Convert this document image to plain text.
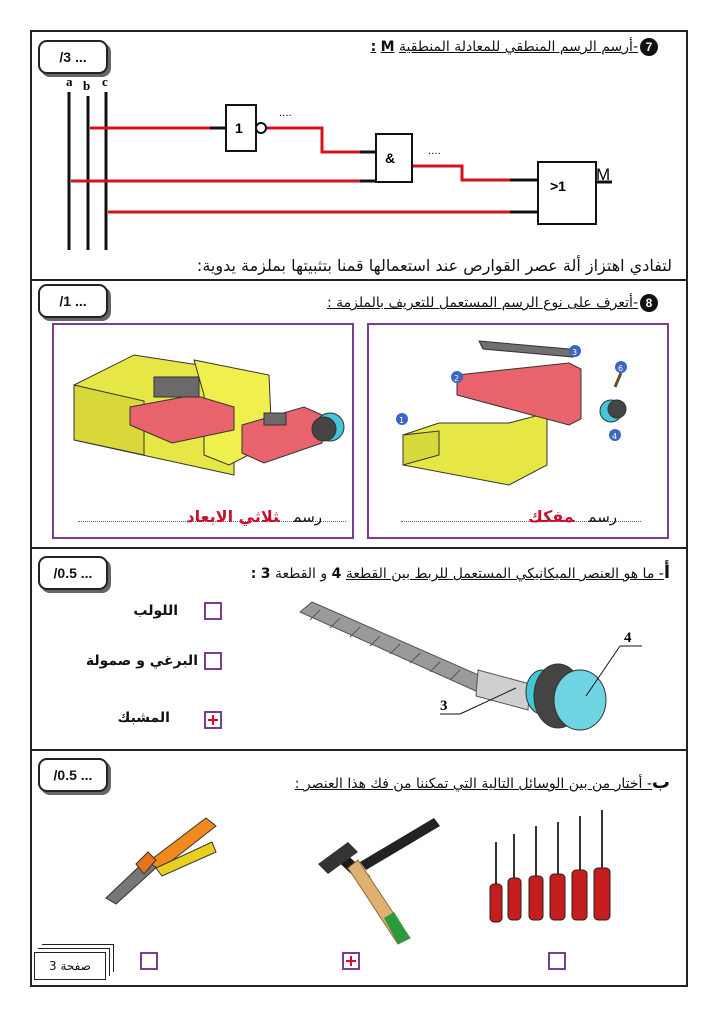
/3 ...
7-أرسم الرسم المنطقي للمعادلة المنطقية M :
a b c
1
&
>1
M
....
....
لتفادي اهتزاز ألة عصر القوارص عند استعمالها قمنا بتثبيتها بملزمة يدوية:
/1 ...	8-أتعرف على نوع الرسم المستعمل للتعريف بالملزمة :
رسمثلاثي الابعاد
1
2
3
4
6
رسممفكك
/0.5 ...	أ- ما هو العنصر الميكانيكي المستعمل للربط بين القطعة 4 و القطعة 3 :
اللولب
البرغي و صمولة
المشبك
4
3
/0.5 ...	ب- أختار من بين الوسائل التالية التي تمكننا من فك هذا العنصر :
صفحة 3
